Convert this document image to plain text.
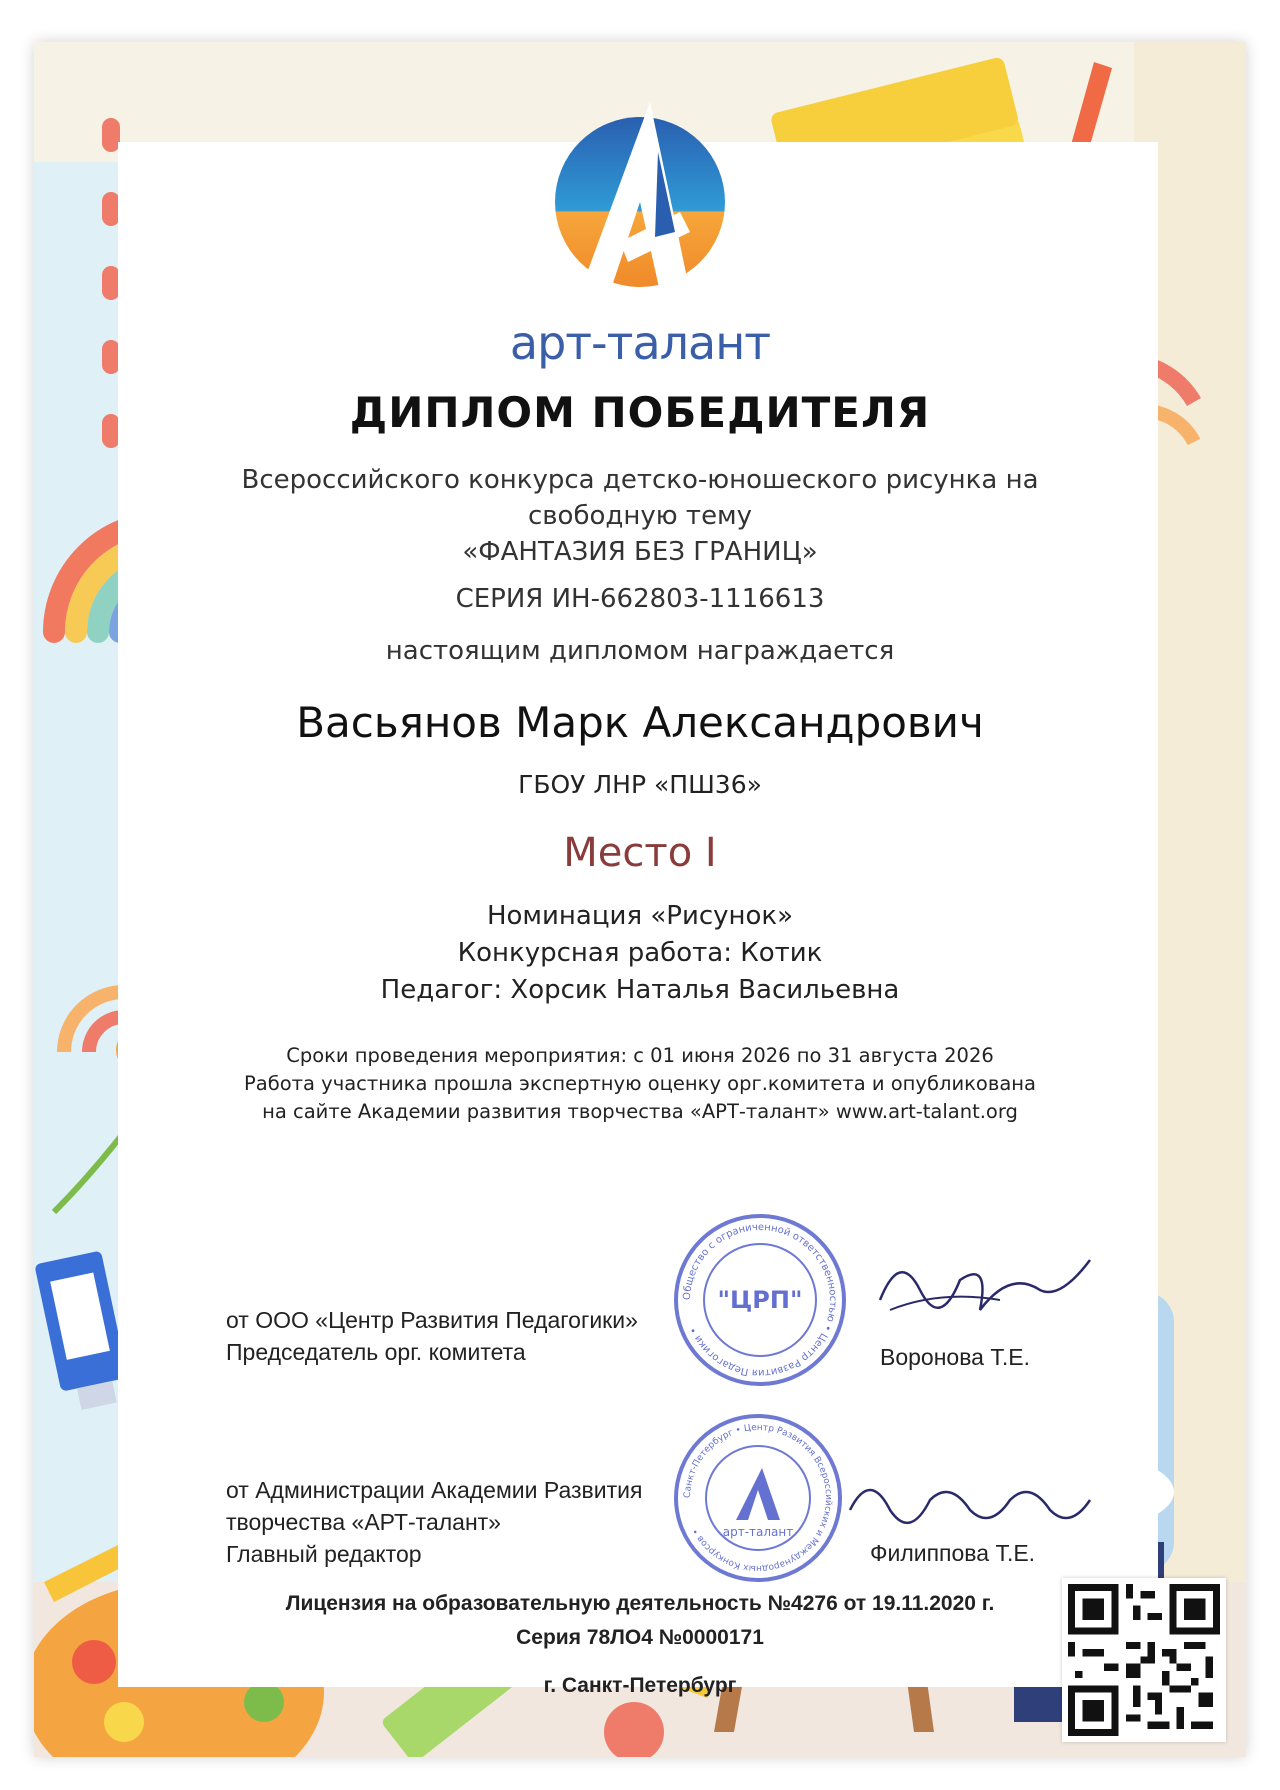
арт-талант
ДИПЛОМ ПОБЕДИТЕЛЯ
Всероссийского конкурса детско-юношеского рисунка на
свободную тему
«ФАНТАЗИЯ БЕЗ ГРАНИЦ»
СЕРИЯ ИН-662803-1116613
настоящим дипломом награждается
Васьянов Марк Александрович
ГБОУ ЛНР «ПШ36»
Место I
Номинация «Рисунок»
Конкурсная работа: Котик
Педагог: Хорсик Наталья Васильевна
Сроки проведения мероприятия: с 01 июня 2026 по 31 августа 2026
Работа участника прошла экспертную оценку орг.комитета и опубликована
на сайте Академии развития творчества «АРТ-талант» www.art-talant.org
от ООО «Центр Развития Педагогики»
Председатель орг. комитета	Воронова Т.Е.
от Администрации Академии Развития
творчества «АРТ-талант»
Главный редактор	Филиппова Т.Е.
Общество с ограниченной ответственностью • Центр Развития Педагогики •
"ЦРП"
Санкт-Петербург • Центр Развития Всероссийских и Международных Конкурсов •	арт-талант
Лицензия на образовательную деятельность №4276 от 19.11.2020 г.
Серия 78ЛО4 №0000171
г. Санкт-Петербург
